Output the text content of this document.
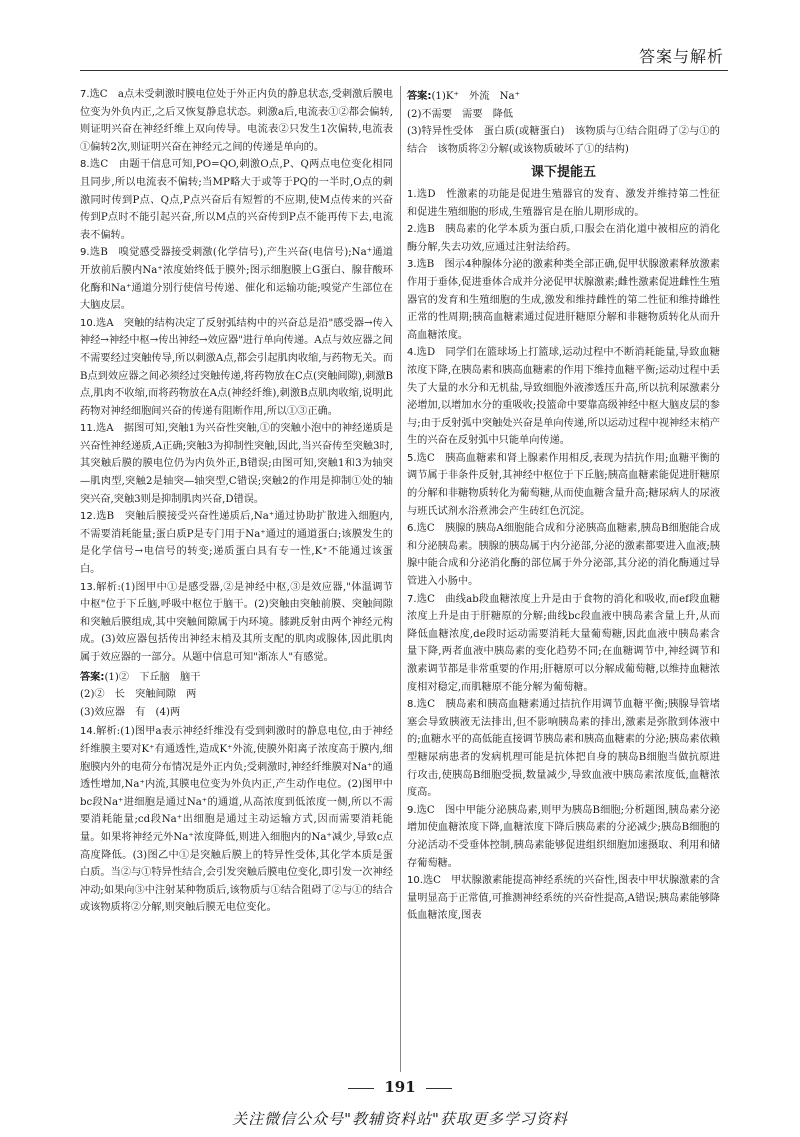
答案与解析

7.选C　a点未受刺激时膜电位处于外正内负的静息状态,受刺激后膜电位变为外负内正,之后又恢复静息状态。刺激a后,电流表①②都会偏转,则证明兴奋在神经纤维上双向传导。电流表②只发生1次偏转,电流表①偏转2次,则证明兴奋在神经元之间的传递是单向的。

8.选C　由题干信息可知,PO=QO,刺激O点,P、Q两点电位变化相同且同步,所以电流表不偏转;当MP略大于或等于PQ的一半时,O点的刺激同时传到P点、Q点,P点兴奋后有短暂的不应期,使M点传来的兴奋传到P点时不能引起兴奋,所以M点的兴奋传到P点不能再传下去,电流表不偏转。

9.选B　嗅觉感受器接受刺激(化学信号),产生兴奋(电信号);Na⁺通道开放前后膜内Na⁺浓度始终低于膜外;图示细胞膜上G蛋白、腺苷酸环化酶和Na⁺通道分别行使信号传递、催化和运输功能;嗅觉产生部位在大脑皮层。

10.选A　突触的结构决定了反射弧结构中的兴奋总是沿"感受器→传入神经→神经中枢→传出神经→效应器"进行单向传递。A点与效应器之间不需要经过突触传导,所以刺激A点,都会引起肌肉收缩,与药物无关。而B点到效应器之间必须经过突触传递,将药物放在C点(突触间隙),刺激B点,肌肉不收缩,而将药物放在A点(神经纤维),刺激B点肌肉收缩,说明此药物对神经细胞间兴奋的传递有阻断作用,所以①③正确。

11.选A　据图可知,突触1为兴奋性突触,①的突触小泡中的神经递质是兴奋性神经递质,A正确;突触3为抑制性突触,因此,当兴奋传至突触3时,其突触后膜的膜电位仍为内负外正,B错误;由图可知,突触1和3为轴突—肌肉型,突触2是轴突—轴突型,C错误;突触2的作用是抑制①处的轴突兴奋,突触3则是抑制肌肉兴奋,D错误。

12.选B　突触后膜接受兴奋性递质后,Na⁺通过协助扩散进入细胞内,不需要消耗能量;蛋白质P是专门用于Na⁺通过的通道蛋白;该膜发生的是化学信号→电信号的转变;递质蛋白具有专一性,K⁺不能通过该蛋白。

13.解析:(1)图甲中①是感受器,②是神经中枢,③是效应器,"体温调节中枢"位于下丘脑,呼吸中枢位于脑干。(2)突触由突触前膜、突触间隙和突触后膜组成,其中突触间隙属于内环境。膝跳反射由两个神经元构成。(3)效应器包括传出神经末梢及其所支配的肌肉或腺体,因此肌肉属于效应器的一部分。从题中信息可知"渐冻人"有感觉。

答案:(1)②　下丘脑　脑干
(2)②　长　突触间隙　两
(3)效应器　有　(4)两

14.解析:(1)图甲a表示神经纤维没有受到刺激时的静息电位,由于神经纤维膜主要对K⁺有通透性,造成K⁺外流,使膜外阳离子浓度高于膜内,细胞膜内外的电荷分布情况是外正内负;受刺激时,神经纤维膜对Na⁺的通透性增加,Na⁺内流,其膜电位变为外负内正,产生动作电位。(2)图甲中bc段Na⁺进细胞是通过Na⁺的通道,从高浓度到低浓度一侧,所以不需要消耗能量;cd段Na⁺出细胞是通过主动运输方式,因而需要消耗能量。如果将神经元外Na⁺浓度降低,则进入细胞内的Na⁺减少,导致c点高度降低。(3)图乙中①是突触后膜上的特异性受体,其化学本质是蛋白质。当②与①特异性结合,会引发突触后膜电位变化,即引发一次神经冲动;如果向③中注射某种物质后,该物质与①结合阻碍了②与①的结合或该物质将②分解,则突触后膜无电位变化。

答案:(1)K⁺　外流　Na⁺
(2)不需要　需要　降低
(3)特异性受体　蛋白质(或糖蛋白)　该物质与①结合阻碍了②与①的结合　该物质将②分解(或该物质破坏了①的结构)
课下提能五

1.选D　性激素的功能是促进生殖器官的发育、激发并维持第二性征和促进生殖细胞的形成,生殖器官是在胎儿期形成的。

2.选B　胰岛素的化学本质为蛋白质,口服会在消化道中被相应的消化酶分解,失去功效,应通过注射法给药。

3.选B　图示4种腺体分泌的激素种类全部正确,促甲状腺激素释放激素作用于垂体,促进垂体合成并分泌促甲状腺激素;雌性激素促进雌性生殖器官的发育和生殖细胞的生成,激发和维持雌性的第二性征和维持雌性正常的性周期;胰高血糖素通过促进肝糖原分解和非糖物质转化从而升高血糖浓度。

4.选D　同学们在篮球场上打篮球,运动过程中不断消耗能量,导致血糖浓度下降,在胰岛素和胰高血糖素的作用下维持血糖平衡;运动过程中丢失了大量的水分和无机盐,导致细胞外液渗透压升高,所以抗利尿激素分泌增加,以增加水分的重吸收;投篮命中要靠高级神经中枢大脑皮层的参与;由于反射弧中突触处兴奋是单向传递,所以运动过程中视神经末梢产生的兴奋在反射弧中只能单向传递。

5.选C　胰高血糖素和肾上腺素作用相反,表现为拮抗作用;血糖平衡的调节属于非条件反射,其神经中枢位于下丘脑;胰高血糖素能促进肝糖原的分解和非糖物质转化为葡萄糖,从而使血糖含量升高;糖尿病人的尿液与班氏试剂水浴煮沸会产生砖红色沉淀。

6.选C　胰腺的胰岛A细胞能合成和分泌胰高血糖素,胰岛B细胞能合成和分泌胰岛素。胰腺的胰岛属于内分泌部,分泌的激素都要进入血液;胰腺中能合成和分泌消化酶的部位属于外分泌部,其分泌的消化酶通过导管进入小肠中。

7.选C　曲线ab段血糖浓度上升是由于食物的消化和吸收,而ef段血糖浓度上升是由于肝糖原的分解;曲线bc段血液中胰岛素含量上升,从而降低血糖浓度,de段时运动需要消耗大量葡萄糖,因此血液中胰岛素含量下降,两者血液中胰岛素的变化趋势不同;在血糖调节中,神经调节和激素调节都是非常重要的作用;肝糖原可以分解成葡萄糖,以维持血糖浓度相对稳定,而肌糖原不能分解为葡萄糖。

8.选C　胰岛素和胰高血糖素通过拮抗作用调节血糖平衡;胰腺导管堵塞会导致胰液无法排出,但不影响胰岛素的排出,激素是弥散到体液中的;血糖水平的高低能直接调节胰岛素和胰高血糖素的分泌;胰岛素依赖型糖尿病患者的发病机理可能是抗体把自身的胰岛B细胞当做抗原进行攻击,使胰岛B细胞受损,数量减少,导致血液中胰岛素浓度低,血糖浓度高。

9.选C　图中甲能分泌胰岛素,则甲为胰岛B细胞;分析题图,胰岛素分泌增加使血糖浓度下降,血糖浓度下降后胰岛素的分泌减少;胰岛B细胞的分泌活动不受垂体控制,胰岛素能够促进组织细胞加速摄取、利用和储存葡萄糖。

10.选C　甲状腺激素能提高神经系统的兴奋性,图表中甲状腺激素的含量明显高于正常值,可推测神经系统的兴奋性提高,A错误;胰岛素能够降低血糖浓度,图表

191
关注微信公众号"教辅资料站"获取更多学习资料
